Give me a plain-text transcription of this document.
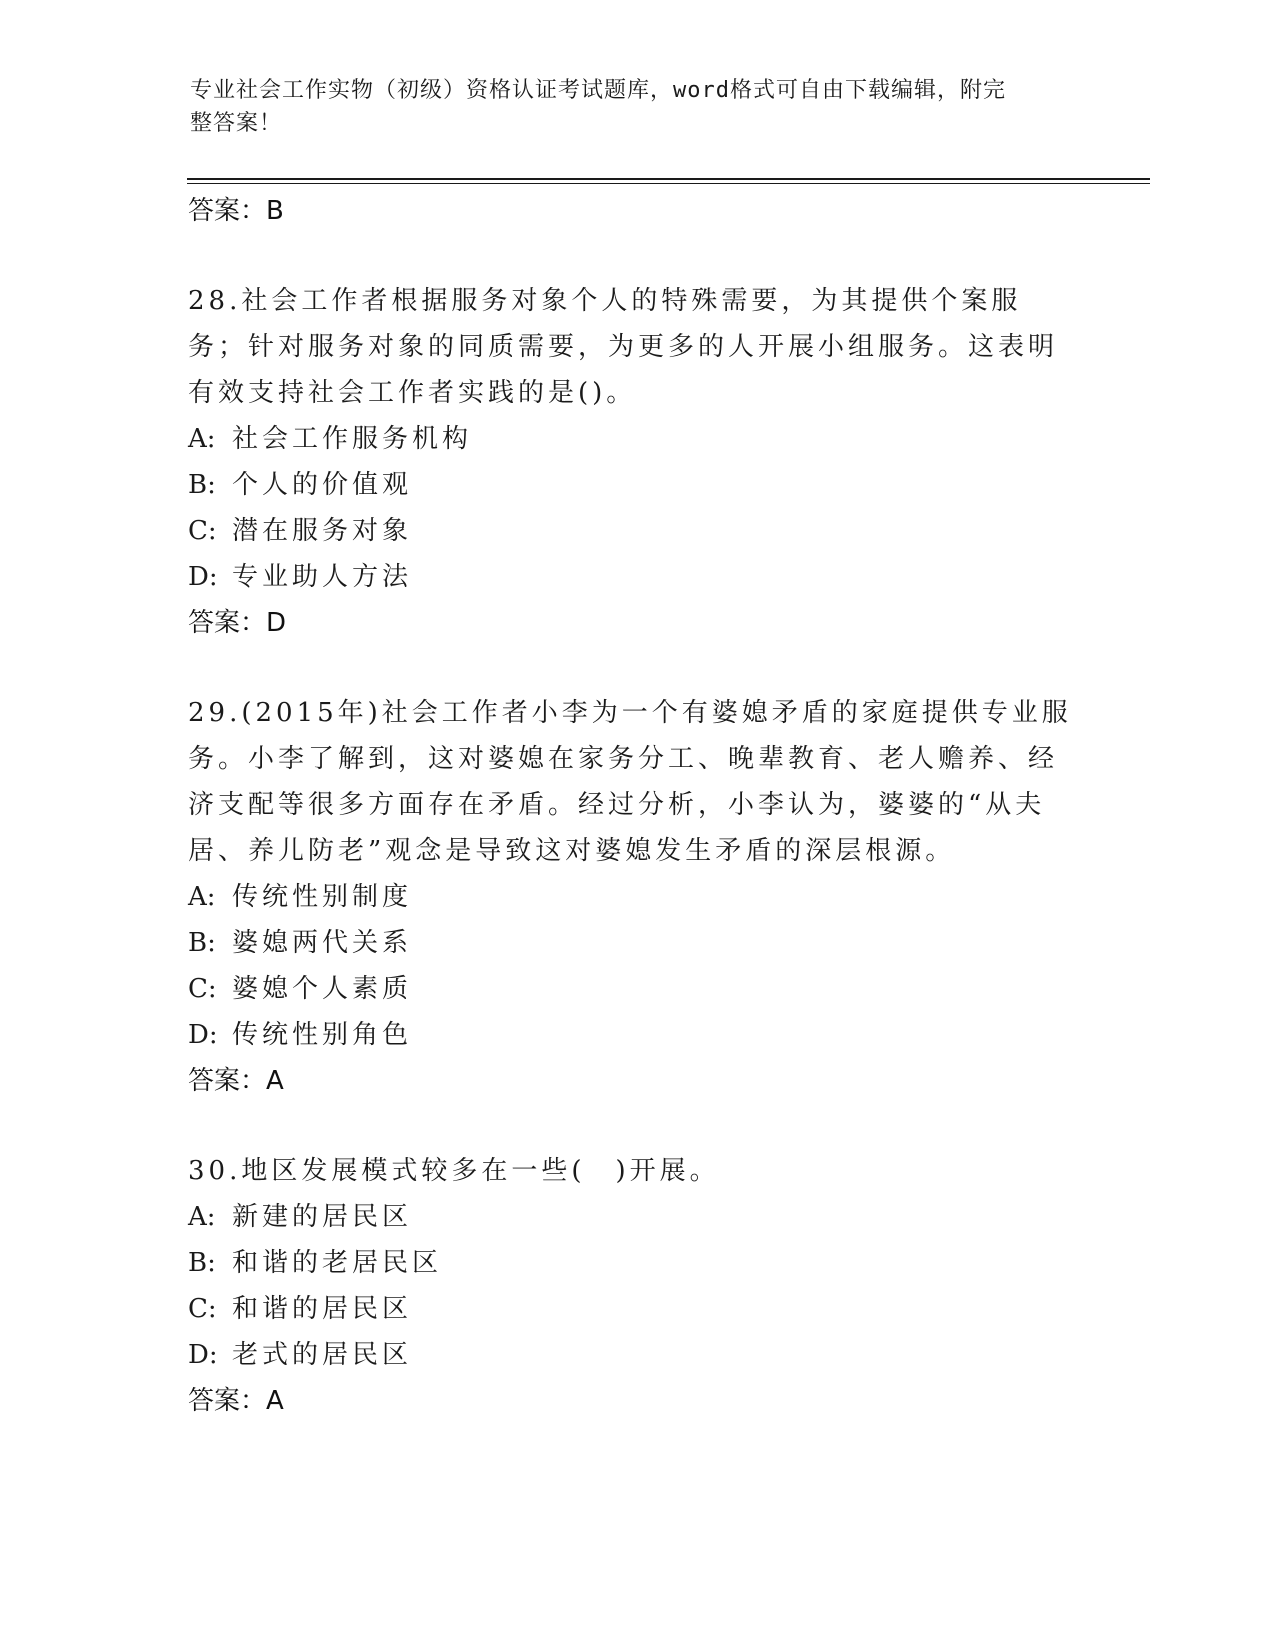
专业社会工作实物（初级）资格认证考试题库，word格式可自由下载编辑，附完
整答案！

答案：B

28.社会工作者根据服务对象个人的特殊需要，为其提供个案服务；针对服务对象的同质需要，为更多的人开展小组服务。这表明有效支持社会工作者实践的是()。

A: 社会工作服务机构

B: 个人的价值观

C: 潜在服务对象

D: 专业助人方法

答案：D

29.(2015年)社会工作者小李为一个有婆媳矛盾的家庭提供专业服务。小李了解到，这对婆媳在家务分工、晚辈教育、老人赡养、经济支配等很多方面存在矛盾。经过分析，小李认为，婆婆的“从夫居、养儿防老”观念是导致这对婆媳发生矛盾的深层根源。

A: 传统性别制度

B: 婆媳两代关系

C: 婆媳个人素质

D: 传统性别角色

答案：A

30.地区发展模式较多在一些(　)开展。

A: 新建的居民区

B: 和谐的老居民区

C: 和谐的居民区

D: 老式的居民区

答案：A
